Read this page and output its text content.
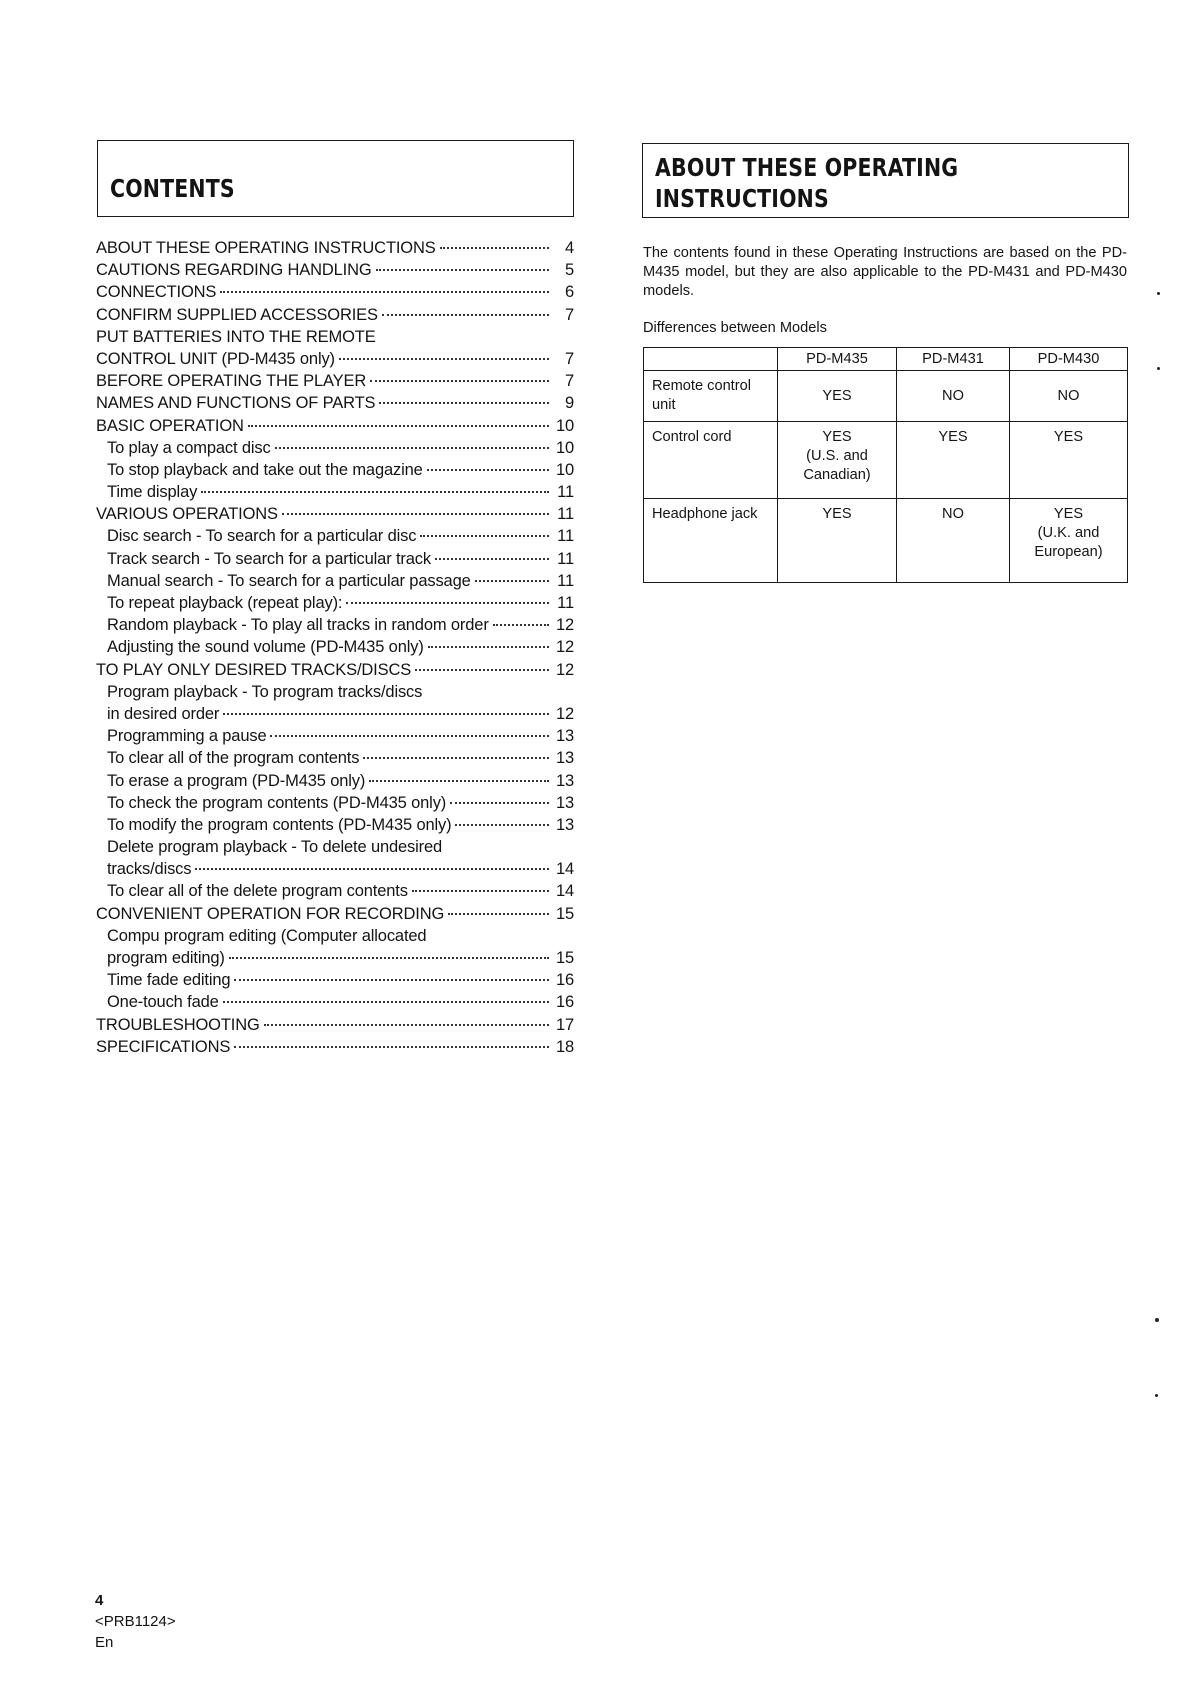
CONTENTS
ABOUT THESE OPERATING INSTRUCTIONS	4
CAUTIONS REGARDING HANDLING	5
CONNECTIONS	6
CONFIRM SUPPLIED ACCESSORIES	7
PUT BATTERIES INTO THE REMOTE
CONTROL UNIT (PD-M435 only)	7
BEFORE OPERATING THE PLAYER	7
NAMES AND FUNCTIONS OF PARTS	9
BASIC OPERATION	10
To play a compact disc	10
To stop playback and take out the magazine	10
Time display	11
VARIOUS OPERATIONS	11
Disc search - To search for a particular disc	11
Track search - To search for a particular track	11
Manual search - To search for a particular passage	11
To repeat playback (repeat play):	11
Random playback - To play all tracks in random order	12
Adjusting the sound volume (PD-M435 only)	12
TO PLAY ONLY DESIRED TRACKS/DISCS	12
Program playback - To program tracks/discs
in desired order	12
Programming a pause	13
To clear all of the program contents	13
To erase a program (PD-M435 only)	13
To check the program contents (PD-M435 only)	13
To modify the program contents (PD-M435 only)	13
Delete program playback - To delete undesired
tracks/discs	14
To clear all of the delete program contents	14
CONVENIENT OPERATION FOR RECORDING	15
Compu program editing (Computer allocated
program editing)	15
Time fade editing	16
One-touch fade	16
TROUBLESHOOTING	17
SPECIFICATIONS	18
ABOUT THESE OPERATING
INSTRUCTIONS
The contents found in these Operating Instructions are based on the PD-M435 model, but they are also applicable to the PD-M431 and PD-M430 models.
Differences between Models
	PD-M435	PD-M431	PD-M430
Remote control unit	YES	NO	NO
Control cord	YES
(U.S. and
Canadian)	YES	YES
Headphone jack	YES	NO	YES
(U.K. and
European)
4
<PRB1124>
En
